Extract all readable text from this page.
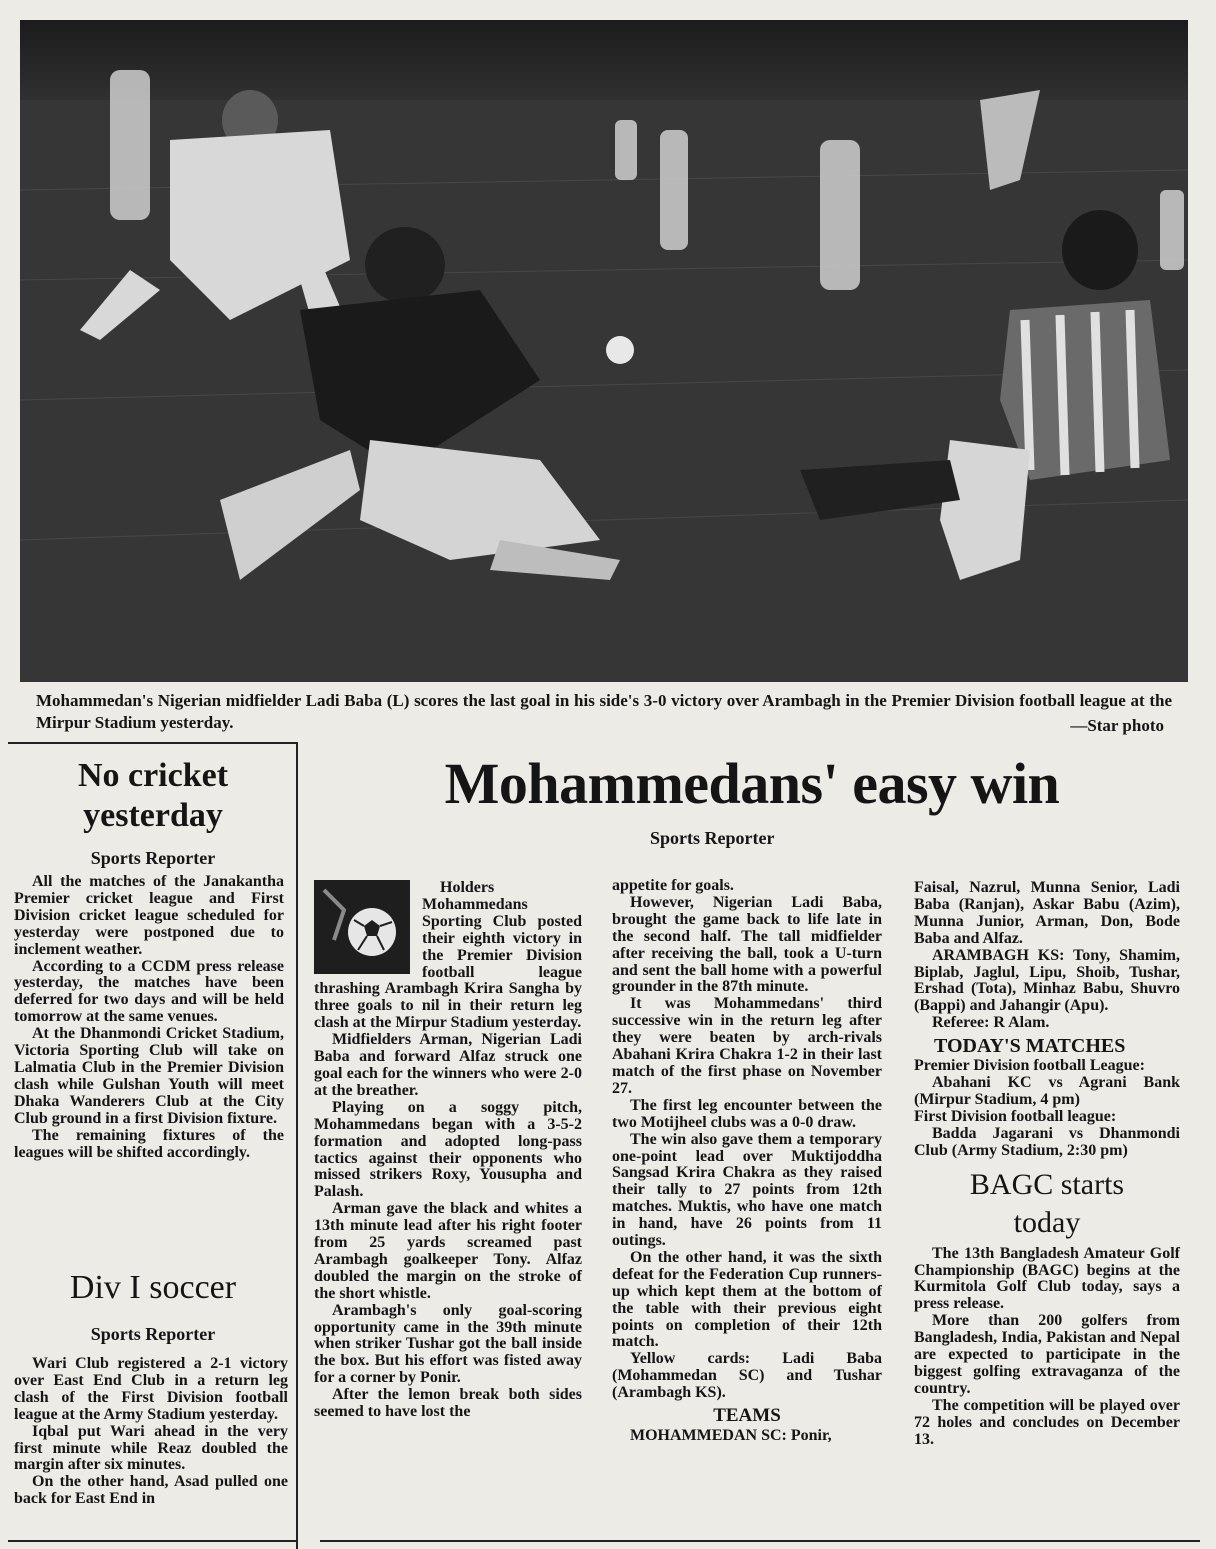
Mohammedan's Nigerian midfielder Ladi Baba (L) scores the last goal in his side's 3-0 victory over Arambagh in the Premier Division football league at the Mirpur Stadium yesterday.	—Star photo
No cricket yesterday
Sports Reporter

All the matches of the Janakantha Premier cricket league and First Division cricket league scheduled for yesterday were postponed due to inclement weather.

According to a CCDM press release yesterday, the matches have been deferred for two days and will be held tomorrow at the same venues.

At the Dhanmondi Cricket Stadium, Victoria Sporting Club will take on Lalmatia Club in the Premier Division clash while Gulshan Youth will meet Dhaka Wanderers Club at the City Club ground in a first Division fixture.

The remaining fixtures of the leagues will be shifted accordingly.

Div I soccer
Sports Reporter

Wari Club registered a 2-1 victory over East End Club in a return leg clash of the First Division football league at the Army Stadium yesterday.

Iqbal put Wari ahead in the very first minute while Reaz doubled the margin after six minutes.

On the other hand, Asad pulled one back for East End in

Mohammedans' easy win
Sports Reporter

Holders Mohammedans Sporting Club posted their eighth victory in the Premier Division football league thrashing Arambagh Krira Sangha by three goals to nil in their return leg clash at the Mirpur Stadium yesterday.

Midfielders Arman, Nigerian Ladi Baba and forward Alfaz struck one goal each for the winners who were 2-0 at the breather.

Playing on a soggy pitch, Mohammedans began with a 3-5-2 formation and adopted long-pass tactics against their opponents who missed strikers Roxy, Yousupha and Palash.

Arman gave the black and whites a 13th minute lead after his right footer from 25 yards screamed past Arambagh goalkeeper Tony. Alfaz doubled the margin on the stroke of the short whistle.

Arambagh's only goal-scoring opportunity came in the 39th minute when striker Tushar got the ball inside the box. But his effort was fisted away for a corner by Ponir.

After the lemon break both sides seemed to have lost the

appetite for goals.

However, Nigerian Ladi Baba, brought the game back to life late in the second half. The tall midfielder after receiving the ball, took a U-turn and sent the ball home with a powerful grounder in the 87th minute.

It was Mohammedans' third successive win in the return leg after they were beaten by arch-rivals Abahani Krira Chakra 1-2 in their last match of the first phase on November 27.

The first leg encounter between the two Motijheel clubs was a 0-0 draw.

The win also gave them a temporary one-point lead over Muktijoddha Sangsad Krira Chakra as they raised their tally to 27 points from 12th matches. Muktis, who have one match in hand, have 26 points from 11 outings.

On the other hand, it was the sixth defeat for the Federation Cup runners-up which kept them at the bottom of the table with their previous eight points on completion of their 12th match.

Yellow cards: Ladi Baba (Mohammedan SC) and Tushar (Arambagh KS).

TEAMS

MOHAMMEDAN SC: Ponir,

Faisal, Nazrul, Munna Senior, Ladi Baba (Ranjan), Askar Babu (Azim), Munna Junior, Arman, Don, Bode Baba and Alfaz.

ARAMBAGH KS: Tony, Shamim, Biplab, Jaglul, Lipu, Shoib, Tushar, Ershad (Tota), Minhaz Babu, Shuvro (Bappi) and Jahangir (Apu).

Referee: R Alam.

TODAY'S MATCHES

Premier Division football League:

Abahani KC vs Agrani Bank (Mirpur Stadium, 4 pm)

First Division football league:

Badda Jagarani vs Dhanmondi Club (Army Stadium, 2:30 pm)

BAGC starts today

The 13th Bangladesh Amateur Golf Championship (BAGC) begins at the Kurmitola Golf Club today, says a press release.

More than 200 golfers from Bangladesh, India, Pakistan and Nepal are expected to participate in the biggest golfing extravaganza of the country.

The competition will be played over 72 holes and concludes on December 13.
